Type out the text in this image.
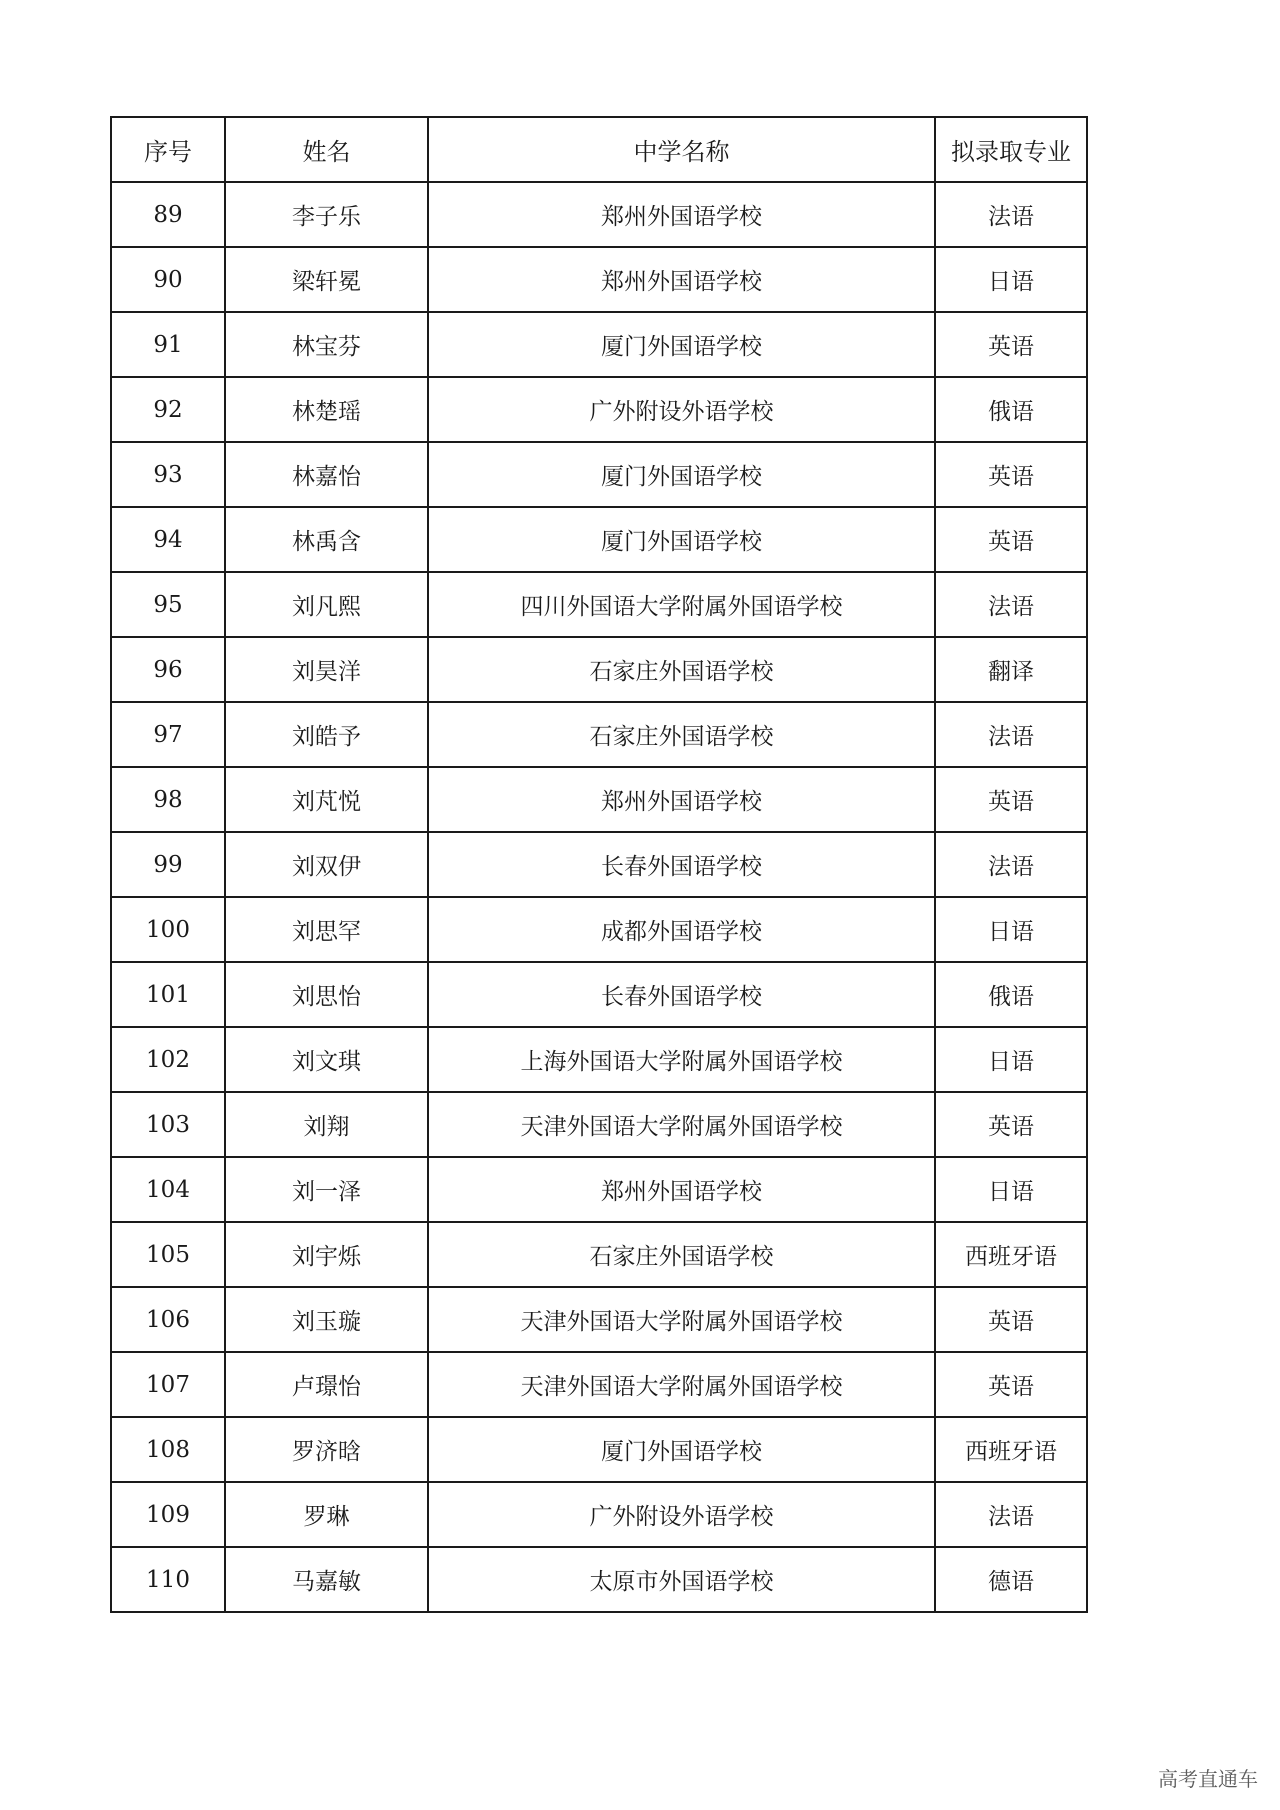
序号	姓名	中学名称	拟录取专业
89	李子乐	郑州外国语学校	法语
90	梁轩冕	郑州外国语学校	日语
91	林宝芬	厦门外国语学校	英语
92	林楚瑶	广外附设外语学校	俄语
93	林嘉怡	厦门外国语学校	英语
94	林禹含	厦门外国语学校	英语
95	刘凡熙	四川外国语大学附属外国语学校	法语
96	刘昊洋	石家庄外国语学校	翻译
97	刘皓予	石家庄外国语学校	法语
98	刘芃悦	郑州外国语学校	英语
99	刘双伊	长春外国语学校	法语
100	刘思罕	成都外国语学校	日语
101	刘思怡	长春外国语学校	俄语
102	刘文琪	上海外国语大学附属外国语学校	日语
103	刘翔	天津外国语大学附属外国语学校	英语
104	刘一泽	郑州外国语学校	日语
105	刘宇烁	石家庄外国语学校	西班牙语
106	刘玉璇	天津外国语大学附属外国语学校	英语
107	卢璟怡	天津外国语大学附属外国语学校	英语
108	罗济晗	厦门外国语学校	西班牙语
109	罗琳	广外附设外语学校	法语
110	马嘉敏	太原市外国语学校	德语
高考直通车
